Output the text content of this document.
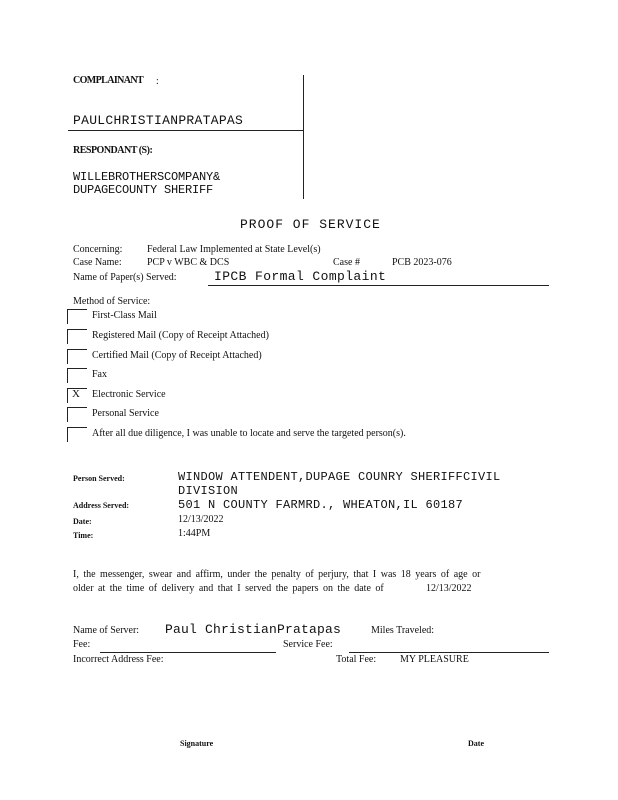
COMPLAINANT :
PAULCHRISTIANPRATAPAS
RESPONDANT (S):
WILLEBROTHERSCOMPANY&
DUPAGECOUNTY SHERIFF
PROOF OF SERVICE
Concerning: Federal Law Implemented at State Level(s)
Case Name:	PCP v WBC & DCS	Case #	PCB 2023-076
Name of Paper(s) Served:	IPCB Formal Complaint
Method of Service:
First-Class Mail
Registered Mail (Copy of Receipt Attached)
Certified Mail (Copy of Receipt Attached)
Fax
X Electronic Service
Personal Service
After all due diligence, I was unable to locate and serve the targeted person(s).
Person Served:	WINDOW ATTENDENT,DUPAGE COUNRY SHERIFFCIVIL
DIVISION
Address Served:	501 N COUNTY FARMRD., WHEATON,IL 60187
Date:	12/13/2022
Time:	1:44PM
I, the messenger, swear and affirm, under the penalty of perjury, that I was 18 years of age or
older at the time of delivery and that I served the papers on the date of	12/13/2022
Name of Server: Paul ChristianPratapas	Miles Traveled:
Fee:	Service Fee:
Incorrect Address Fee:	Total Fee: MY PLEASURE
Signature	Date
